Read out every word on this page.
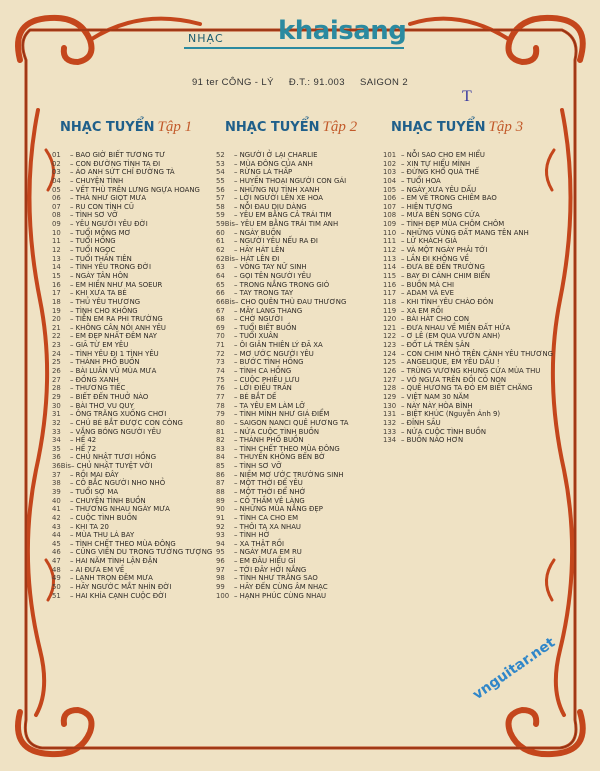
NHẠC khaisang
91 ter CÔNG - LÝ Đ.T.: 91.003 SAIGON 2
T
NHẠC TUYỂN Tập 1	NHẠC TUYỂN Tập 2	NHẠC TUYỂN Tập 3
01 – BAO GIỜ BIẾT TƯƠNG TƯ
02 – CON ĐƯỜNG TÌNH TA ĐI
03 – ÁO ANH SỨT CHỈ ĐƯỜNG TÀ
04 – CHUYỆN TÌNH
05 – VẾT THÙ TRÊN LƯNG NGỰA HOANG
06 – THÀ NHƯ GIỌT MƯA
07 – RU CON TÌNH CŨ
08 – TÌNH SƠ VỠ
09 – YÊU NGƯỜI YÊU ĐỜI
10 – TUỔI MỘNG MƠ
11 – TUỔI HỒNG
12 – TUỔI NGỌC
13 – TUỔI THẦN TIÊN
14 – TÌNH YÊU TRONG ĐỜI
15 – NGÀY TÂN HÔN
16 – EM HIỀN NHƯ MA SOEUR
17 – KHI XƯA TA BÉ
18 – THỦ YÊU THƯƠNG
19 – TÌNH CHO KHÔNG
20 – TIỄN EM RA PHI TRƯỜNG
21 – KHÔNG CÂN NÓI ANH YÊU
22 – EM ĐẸP NHẤT ĐÊM NAY
23 – GIÃ TỪ EM YÊU
24 – TÌNH YÊU ĐI 1 TÌNH YÊU
25 – THÀNH PHỐ BUỒN
26 – BÀI LUÂN VŨ MÙA MƯA
27 – ĐỒNG XANH
28 – THƯƠNG TIẾC
29 – BIẾT ĐẾN THUỞ NÀO
30 – BÀI THƠ VU QUY
31 – ÔNG TRĂNG XUỐNG CHƠI
32 – CHÚ BÉ BẮT ĐƯỢC CON CÒNG
33 – VẮNG BÓNG NGƯỜI YÊU
34 – HẾ 42
35 – HẾ 72
36 – CHỦ NHẬT TƯƠI HỒNG
36Bis– CHỦ NHẬT TUYỆT VỜI
37 – RỒI MAI ĐÂY
38 – CÔ BẮC NGƯỜI NHO NHỎ
39 – TUỔI SỢ MA
40 – CHUYỆN TÌNH BUỒN
41 – THƯƠNG NHAU NGÀY MƯA
42 – CUỘC TÌNH BUỒN
43 – KHI TA 20
44 – MÙA THU LÁ BAY
45 – TÌNH CHẾT THEO MÙA ĐÔNG
46 – CŨNG VIỀN DU TRONG TƯỞNG TƯỢNG
47 – HAI NĂM TÌNH LẬN ĐẬN
48 – AI ĐƯA EM VỀ
49 – LẠNH TRỌN ĐÊM MƯA
50 – HÃY NGƯỚC MẮT NHÌN ĐỜI
51 – HAI KHÍA CẠNH CUỘC ĐỜI
52 – NGƯỜI Ở LẠI CHARLIE
53 – MÙA ĐÔNG CỦA ANH
54 – RỪNG LÁ THẤP
55 – HUYỀN THOẠI NGƯỜI CON GÁI
56 – NHỮNG NỤ TÌNH XANH
57 – LỜI NGƯỜI LÊN XE HOA
58 – NỖI ĐAU DỊU DÀNG
59 – YÊU EM BẰNG CẢ TRÁI TIM
59Bis– YÊU EM BẰNG TRÁI TIM ANH
60 – NGÀY BUỒN
61 – NGƯỜI YÊU NẾU RA ĐI
62 – HÃY HÁT LÊN
62Bis– HÁT LÊN ĐI
63 – VÒNG TAY NỮ SINH
64 – GỌI TÊN NGƯỜI YÊU
65 – TRONG NẮNG TRONG GIÓ
66 – TAY TRONG TAY
66Bis– CHO QUÊN THÙ ĐAU THƯƠNG
67 – MÂY LANG THANG
68 – CHỜ NGƯỜI
69 – TUỔI BIẾT BUỒN
70 – TUỔI XUÂN
71 – ÔI GIÂN THIÊN LÝ ĐÃ XA
72 – MƠ ƯỚC NGƯỜI YÊU
73 – BƯỚC TÌNH HỒNG
74 – TÌNH CA HỒNG
75 – CUỘC PHIÊU LƯU
76 – LỜI ĐIỀU TRẦN
77 – BÉ BẮT DẾ
78 – TA YÊU EM LÀM LỠ
79 – TÌNH MÌNH NHƯ GIÁ ĐIỂM
80 – SAIGON NANCI QUÊ HƯƠNG TA
81 – NỬA CUỘC TÌNH BUỒN
82 – THÀNH PHỐ BUỒN
83 – TÌNH CHẾT THEO MÙA ĐÔNG
84 – THUYỀN KHÔNG BẾN BỜ
85 – TÌNH SƠ VỠ
86 – NIỀM MƠ ƯỚC TRƯỜNG SINH
87 – MỘT THỜI ĐỂ YÊU
88 – MỘT THỜI ĐỂ NHỚ
89 – CÕ THẦM VẺ LÀNG
90 – NHỮNG MÙA NẮNG ĐẸP
91 – TÌNH CA CHO EM
92 – THÔI TA XA NHAU
93 – TÌNH HỞ
94 – XA THẬT RỒI
95 – NGÀY MƯA EM RU
96 – EM ĐÂU HIỂU GÌ
97 – TỚI ĐÂY HỞI NẮNG
98 – TÌNH NHƯ TRĂNG SAO
99 – HÃY ĐẾN CÙNG ÂM NHẠC
100 – HẠNH PHÚC CÙNG NHAU
101 – NỖI SAO CHO EM HIỂU
102 – XIN TỰ HIỂU MÌNH
103 – ĐỪNG KHỔ QUÁ THẾ
104 – TUỔI HOA
105 – NGÀY XƯA YÊU DẤU
106 – EM VỀ TRONG CHIÊM BAO
107 – HIỆN TƯỢNG
108 – MƯA BÊN SONG CỬA
109 – TÌNH ĐẸP MÙA CHÔM CHÔM
110 – NHỮNG VÙNG ĐẤT MANG TÊN ANH
111 – LỮ KHÁCH GIÀ
112 – VÀ MỘT NGÀY PHẢI TỚI
113 – LẦN ĐI KHÔNG VỀ
114 – ĐƯA BÉ ĐẾN TRƯỜNG
115 – BAY ĐI CÁNH CHIM BIỂN
116 – BUỒN MÀ CHI
117 – ADAM VÀ EVE
118 – KHI TÌNH YÊU CHÀO ĐÓN
119 – XA EM RỒI
120 – BÀI HÁT CHO CON
121 – ĐƯA NHAU VỀ MIỀN ĐẤT HỨA
122 – Ơ LÊ (EM QUA VƯỜN ANH)
123 – ĐỐT LÁ TRÊN SÂN
124 – CON CHIM NHỎ TRÊN CÀNH YÊU THƯƠNG
125 – ANGELIQUE, EM YÊU DẤU !
126 – TRÙNG VƯƠNG KHUNG CỬA MÙA THU
127 – VÓ NGỰA TRÊN ĐỒI CỎ NON
128 – QUÊ HƯƠNG TA ĐÓ EM BIẾT CHĂNG
129 – VIỆT NAM 30 NĂM
130 – NÀY NÀY HÒA BÌNH
131 – BIỆT KHÚC (Nguyễn Ánh 9)
132 – ĐỈNH SẦU
133 – NỬA CUỘC TÌNH BUỒN
134 – BUỒN NÀO HƠN
vnguitar.net
